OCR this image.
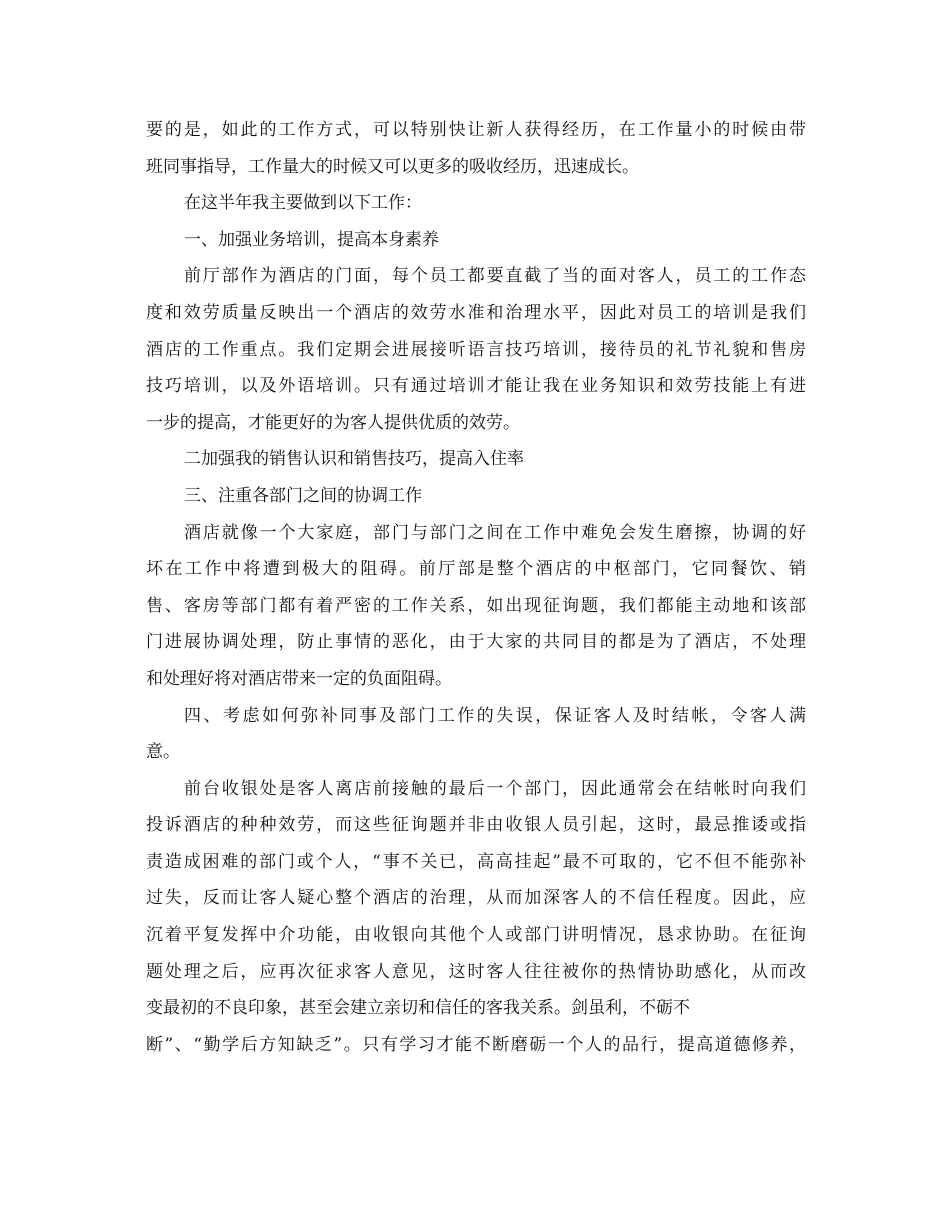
要的是，如此的工作方式，可以特别快让新人获得经历，在工作量小的时候由带
班同事指导，工作量大的时候又可以更多的吸收经历，迅速成长。
在这半年我主要做到以下工作：
一、加强业务培训，提高本身素养
前厅部作为酒店的门面，每个员工都要直截了当的面对客人，员工的工作态
度和效劳质量反映出一个酒店的效劳水准和治理水平，因此对员工的培训是我们
酒店的工作重点。我们定期会进展接听语言技巧培训，接待员的礼节礼貌和售房
技巧培训，以及外语培训。只有通过培训才能让我在业务知识和效劳技能上有进
一步的提高，才能更好的为客人提供优质的效劳。
二加强我的销售认识和销售技巧，提高入住率
三、注重各部门之间的协调工作
酒店就像一个大家庭，部门与部门之间在工作中难免会发生磨擦，协调的好
坏在工作中将遭到极大的阻碍。前厅部是整个酒店的中枢部门，它同餐饮、销
售、客房等部门都有着严密的工作关系，如出现征询题，我们都能主动地和该部
门进展协调处理，防止事情的恶化，由于大家的共同目的都是为了酒店，不处理
和处理好将对酒店带来一定的负面阻碍。
四、考虑如何弥补同事及部门工作的失误，保证客人及时结帐，令客人满
意。
前台收银处是客人离店前接触的最后一个部门，因此通常会在结帐时向我们
投诉酒店的种种效劳，而这些征询题并非由收银人员引起，这时，最忌推诿或指
责造成困难的部门或个人，“事不关已，高高挂起”最不可取的，它不但不能弥补
过失，反而让客人疑心整个酒店的治理，从而加深客人的不信任程度。因此，应
沉着平复发挥中介功能，由收银向其他个人或部门讲明情况，恳求协助。在征询
题处理之后，应再次征求客人意见，这时客人往往被你的热情协助感化，从而改
变最初的不良印象，甚至会建立亲切和信任的客我关系。剑虽利，不砺不
断”、“勤学后方知缺乏”。只有学习才能不断磨砺一个人的品行，提高道德修养，
